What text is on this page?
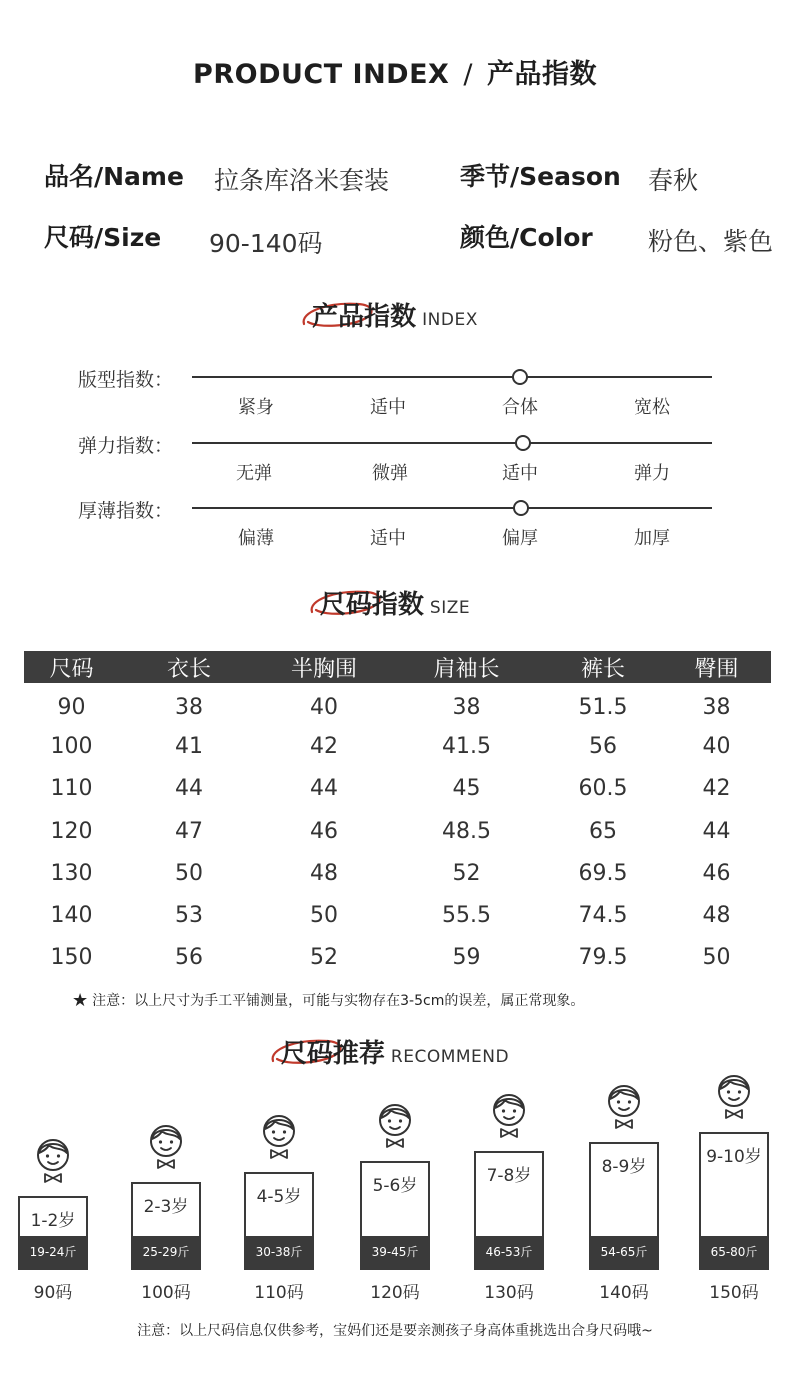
PRODUCT INDEX / 产品指数
品名/Name 拉条库洛米套装	季节/Season 春秋
尺码/Size 90-140码	颜色/Color 粉色、紫色
产品指数 INDEX
版型指数：
紧身	适中	合体	宽松
弹力指数：
无弹	微弹	适中	弹力
厚薄指数：
偏薄	适中	偏厚	加厚
尺码指数 SIZE
尺码	衣长	半胸围	肩袖长	裤长	臀围
90	38	40	38	51.5	38
100	41	42	41.5	56	40
110	44	44	45	60.5	42
120	47	46	48.5	65	44
130	50	48	52	69.5	46
140	53	50	55.5	74.5	48
150	56	52	59	79.5	50
★ 注意：以上尺寸为手工平铺测量，可能与实物存在3-5cm的误差，属正常现象。
尺码推荐 RECOMMEND
1-2岁
19-24斤
90码
2-3岁
25-29斤
100码
4-5岁
30-38斤
110码
5-6岁
39-45斤
120码
7-8岁
46-53斤
130码
8-9岁
54-65斤
140码
9-10岁
65-80斤
150码
注意：以上尺码信息仅供参考，宝妈们还是要亲测孩子身高体重挑选出合身尺码哦~
